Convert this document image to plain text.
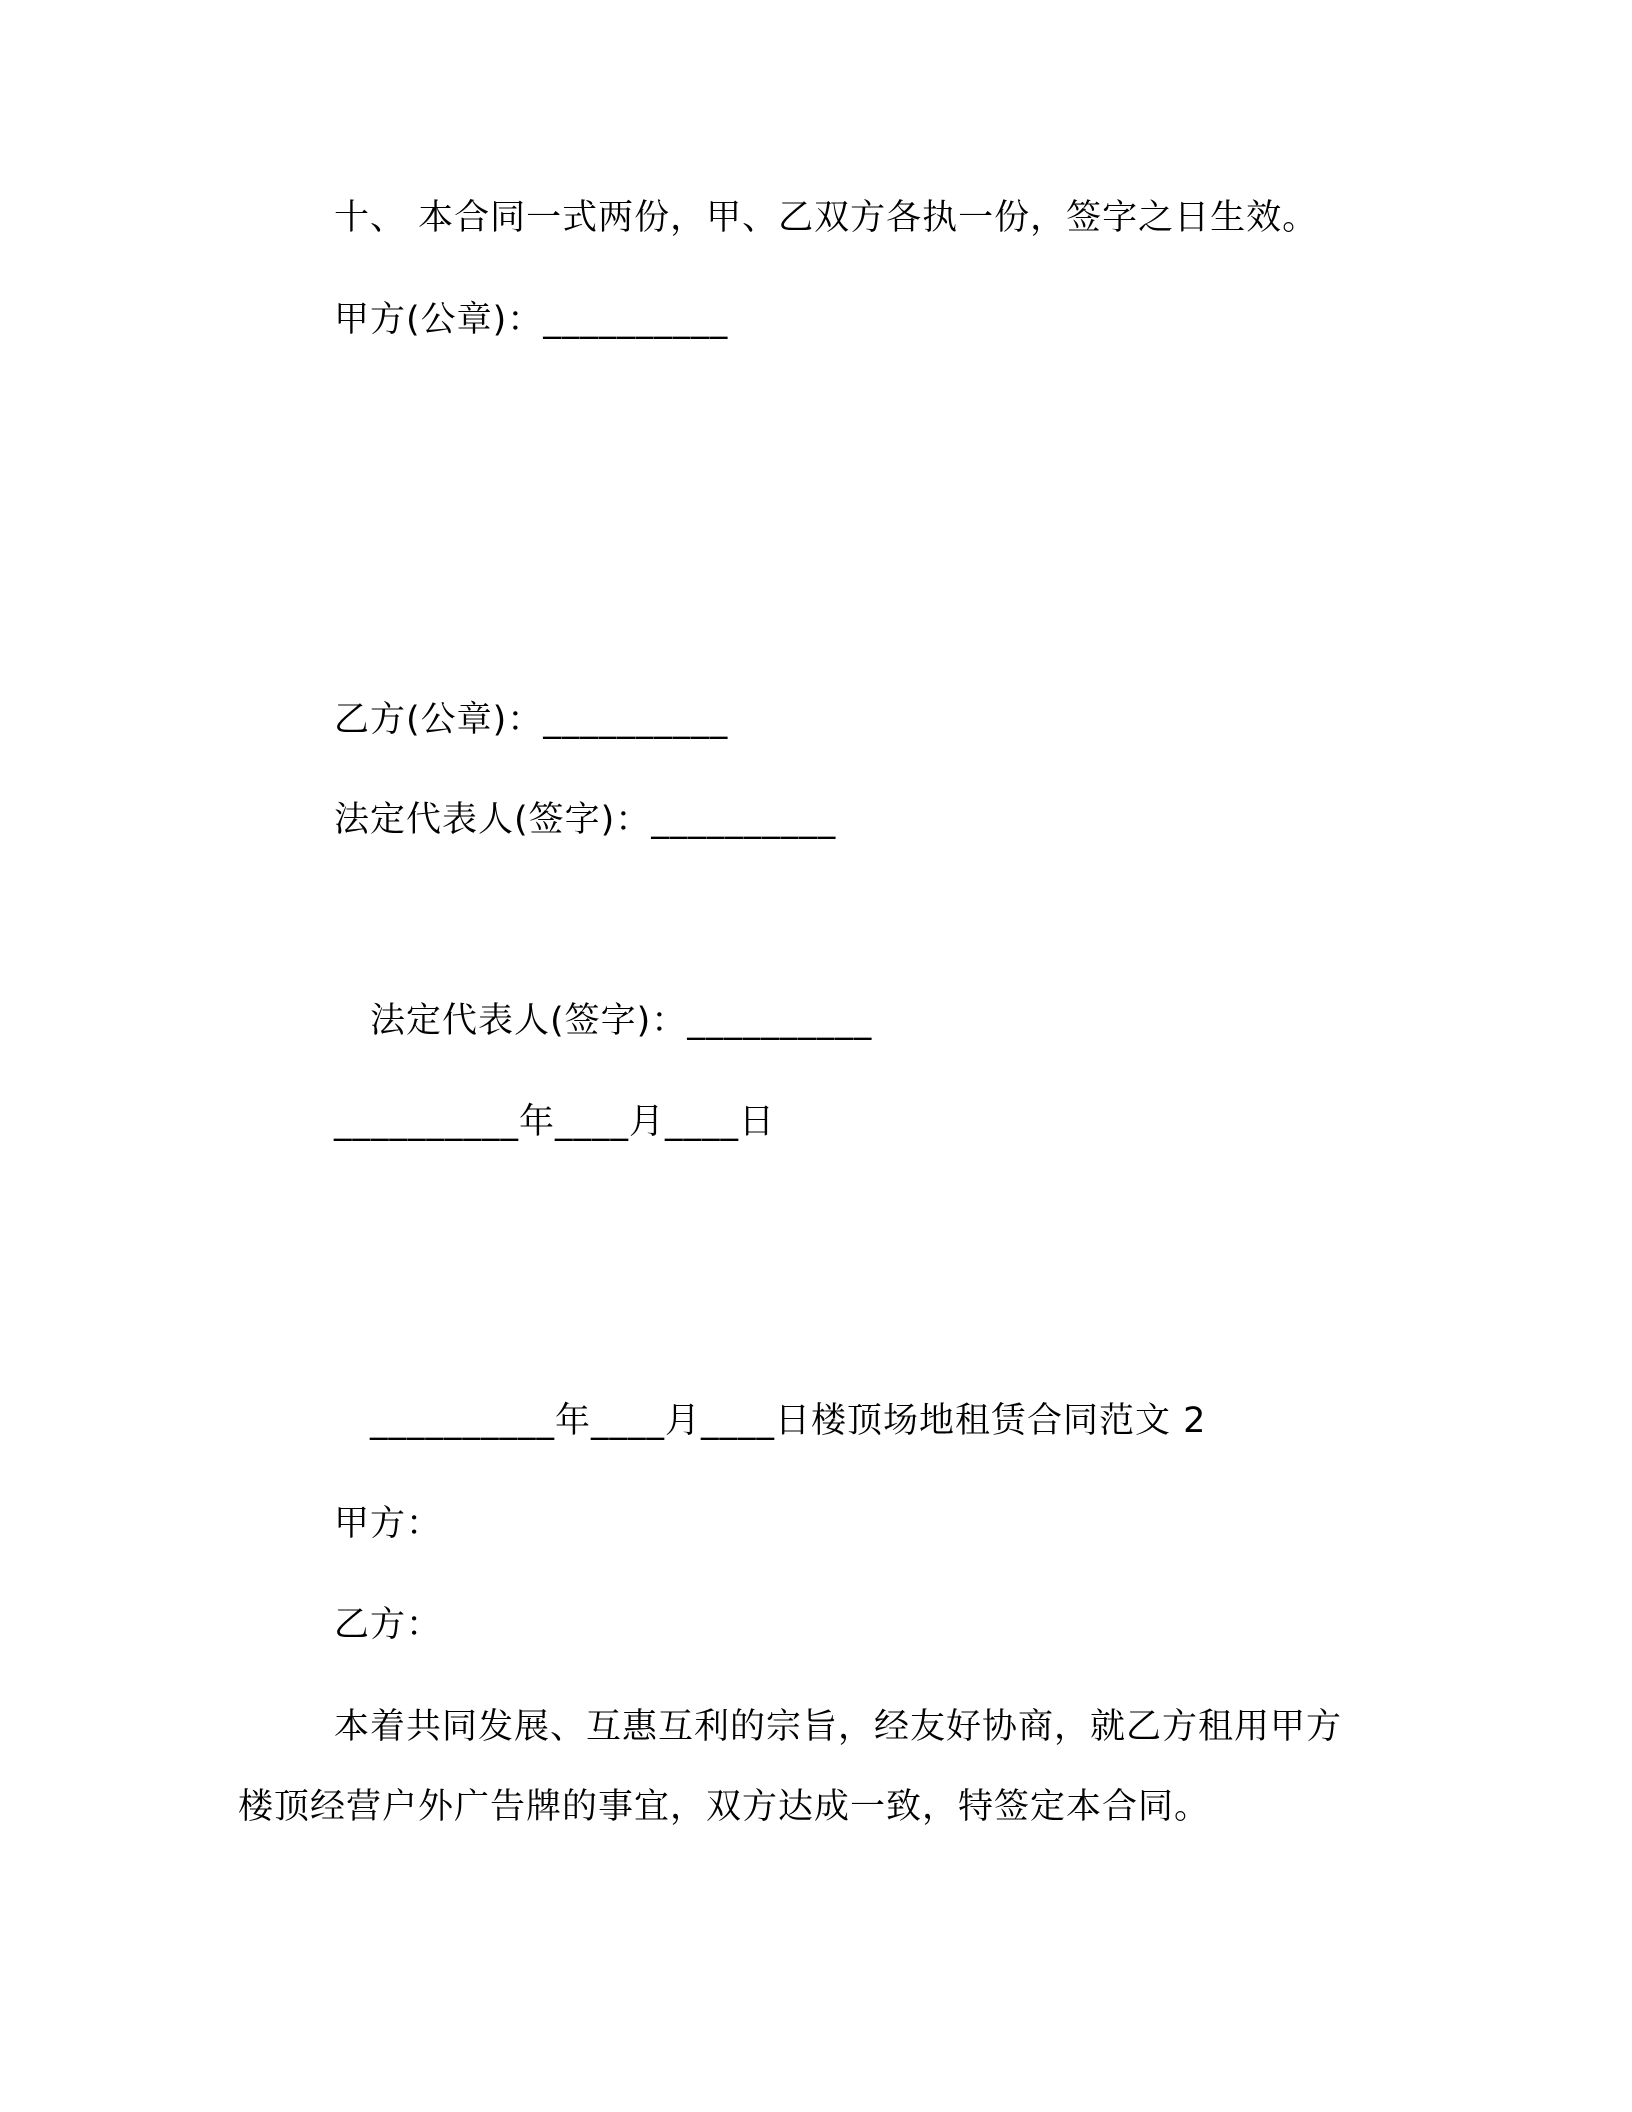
十、 本合同一式两份，甲、乙双方各执一份，签字之日生效。
甲方(公章)：__________
乙方(公章)：__________
法定代表人(签字)：__________
法定代表人(签字)：__________
__________年____月____日
__________年____月____日楼顶场地租赁合同范文 2
甲方：
乙方：
本着共同发展、互惠互利的宗旨，经友好协商，就乙方租用甲方
楼顶经营户外广告牌的事宜，双方达成一致，特签定本合同。
